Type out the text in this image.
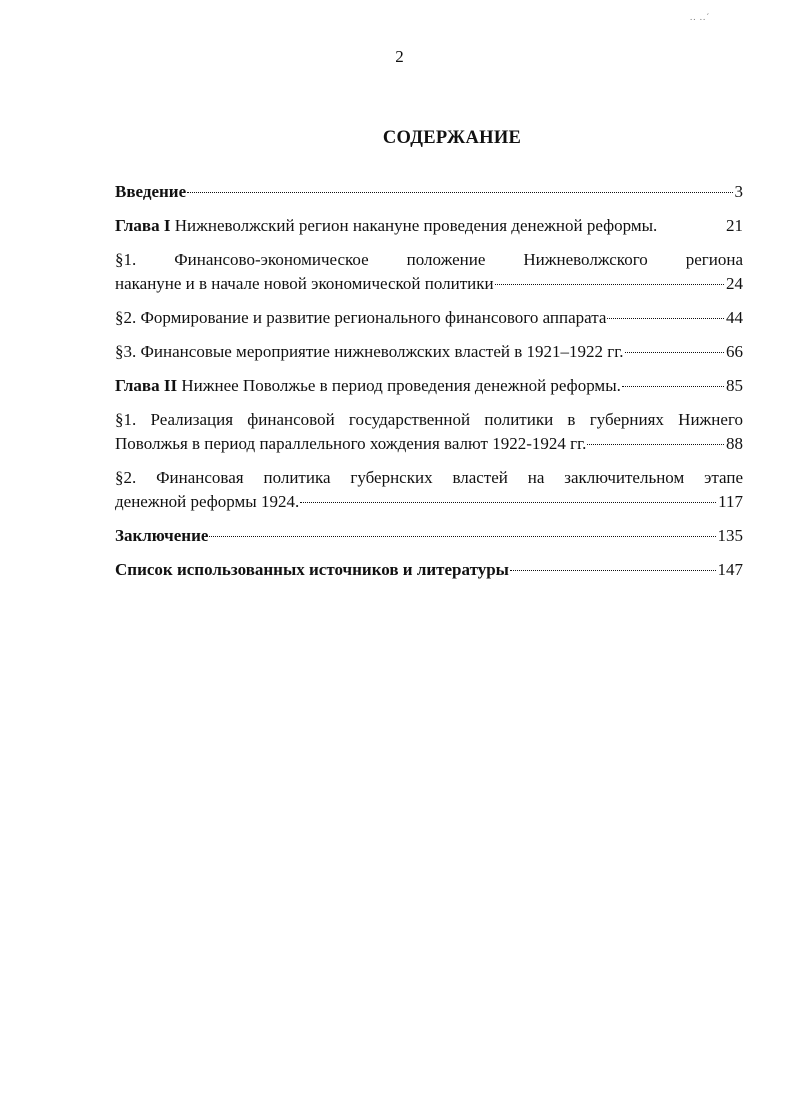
.. ..ˊ
2
СОДЕРЖАНИЕ
Введение	3
Глава I Нижневолжский регион накануне проведения денежной реформы.	21
§1. Финансово-экономическое положение Нижневолжского региона
накануне и в начале новой экономической политики	24
§2. Формирование и развитие регионального финансового аппарата	44
§3. Финансовые мероприятие нижневолжских властей в 1921–1922 гг.	66
Глава II Нижнее Поволжье в период проведения денежной реформы.	85
§1. Реализация финансовой государственной политики в губерниях Нижнего
Поволжья в период параллельного хождения валют 1922-1924 гг.	88
§2. Финансовая политика губернских властей на заключительном этапе
денежной реформы 1924.	117
Заключение	135
Список использованных источников и литературы	147
